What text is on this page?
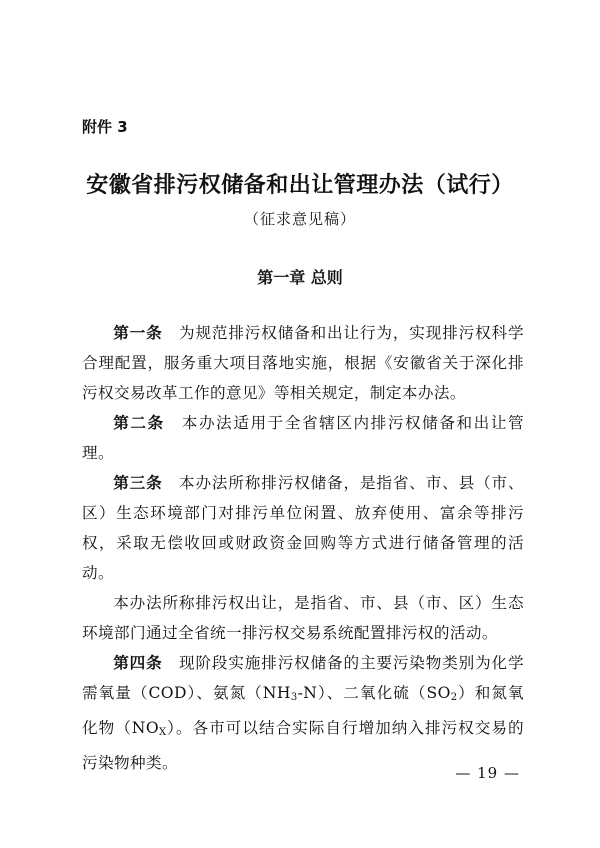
附件 3
安徽省排污权储备和出让管理办法（试行）
（征求意见稿）
第一章 总则

第一条　为规范排污权储备和出让行为，实现排污权科学合理配置，服务重大项目落地实施，根据《安徽省关于深化排污权交易改革工作的意见》等相关规定，制定本办法。

第二条　本办法适用于全省辖区内排污权储备和出让管理。

第三条　本办法所称排污权储备，是指省、市、县（市、区）生态环境部门对排污单位闲置、放弃使用、富余等排污权，采取无偿收回或财政资金回购等方式进行储备管理的活动。

本办法所称排污权出让，是指省、市、县（市、区）生态环境部门通过全省统一排污权交易系统配置排污权的活动。

第四条　现阶段实施排污权储备的主要污染物类别为化学需氧量（COD）、氨氮$(NH_3-N)$、二氧化硫$(SO_2)$和氮氧化物$(NO_X)$。各市可以结合实际自行增加纳入排污权交易的污染物种类。

— 19 —
